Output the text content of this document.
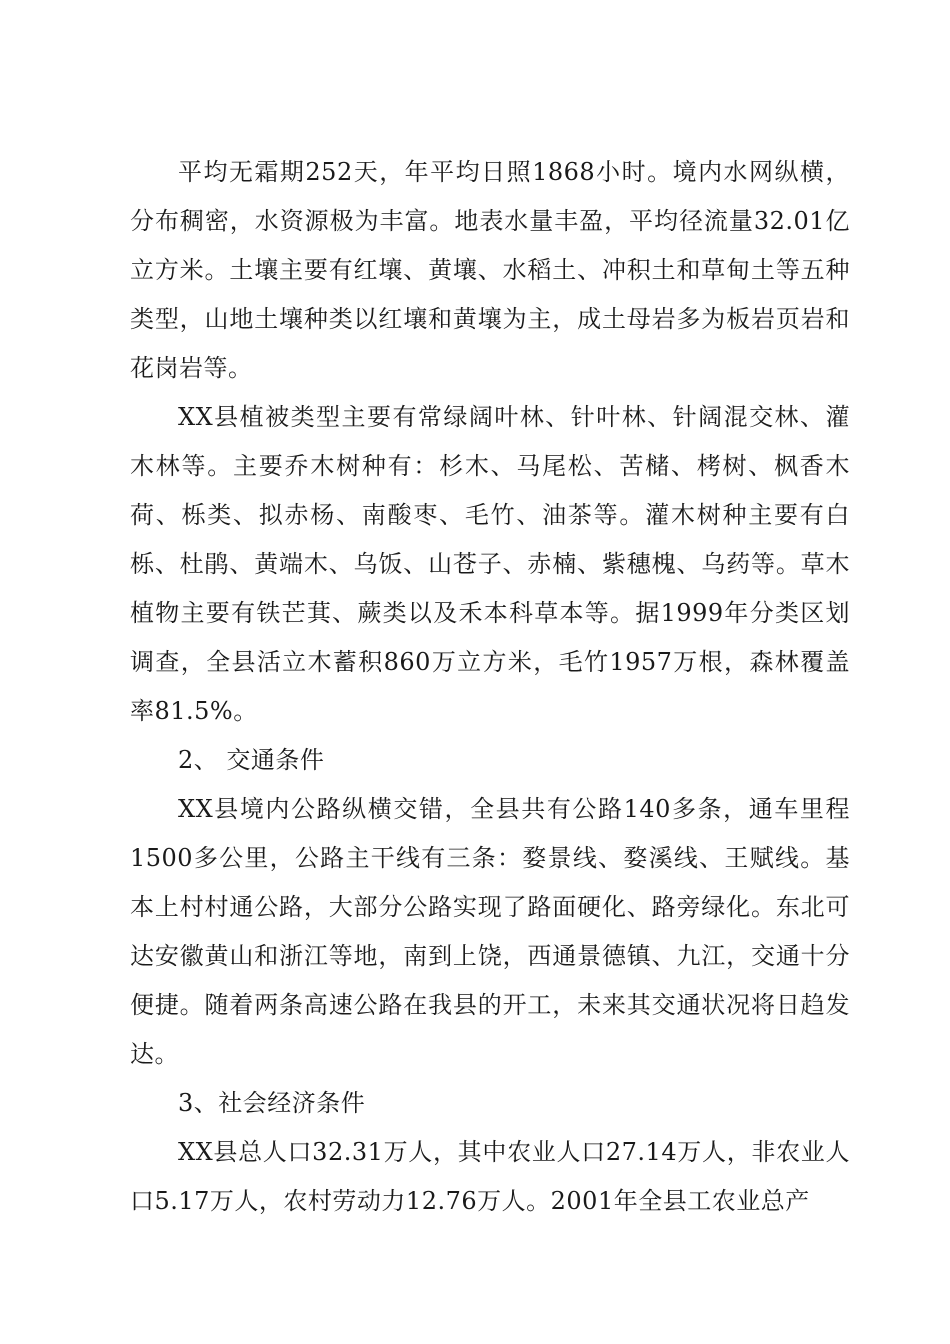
平均无霜期252天，年平均日照1868小时。境内水网纵横，分布稠密，水资源极为丰富。地表水量丰盈，平均径流量32.01亿立方米。土壤主要有红壤、黄壤、水稻土、冲积土和草甸土等五种类型，山地土壤种类以红壤和黄壤为主，成土母岩多为板岩页岩和花岗岩等。

XX县植被类型主要有常绿阔叶林、针叶林、针阔混交林、灌木林等。主要乔木树种有：杉木、马尾松、苦槠、栲树、枫香木荷、栎类、拟赤杨、南酸枣、毛竹、油茶等。灌木树种主要有白栎、杜鹃、黄端木、乌饭、山苍子、赤楠、紫穗槐、乌药等。草木植物主要有铁芒萁、蕨类以及禾本科草本等。据1999年分类区划调查，全县活立木蓄积860万立方米，毛竹1957万根，森林覆盖率81.5%。

2、 交通条件

XX县境内公路纵横交错，全县共有公路140多条，通车里程1500多公里，公路主干线有三条：婺景线、婺溪线、王赋线。基本上村村通公路，大部分公路实现了路面硬化、路旁绿化。东北可达安徽黄山和浙江等地，南到上饶，西通景德镇、九江，交通十分便捷。随着两条高速公路在我县的开工，未来其交通状况将日趋发达。

3、社会经济条件

XX县总人口32.31万人，其中农业人口27.14万人，非农业人口5.17万人，农村劳动力12.76万人。2001年全县工农业总产
